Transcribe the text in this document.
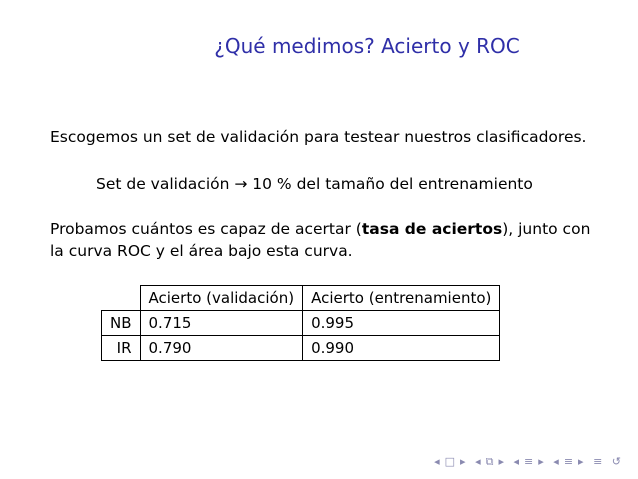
¿Qué medimos? Acierto y ROC
Escogemos un set de validación para testear nuestros clasificadores.
Set de validación → 10 % del tamaño del entrenamiento
Probamos cuántos es capaz de acertar (tasa de aciertos), junto con
la curva ROC y el área bajo esta curva.
	Acierto (validación)	Acierto (entrenamiento)
NB	0.715	0.995
IR	0.790	0.990
◂ □ ▸ ◂ ⧉ ▸ ◂ ≡ ▸ ◂ ≡ ▸ ≡ ↺
